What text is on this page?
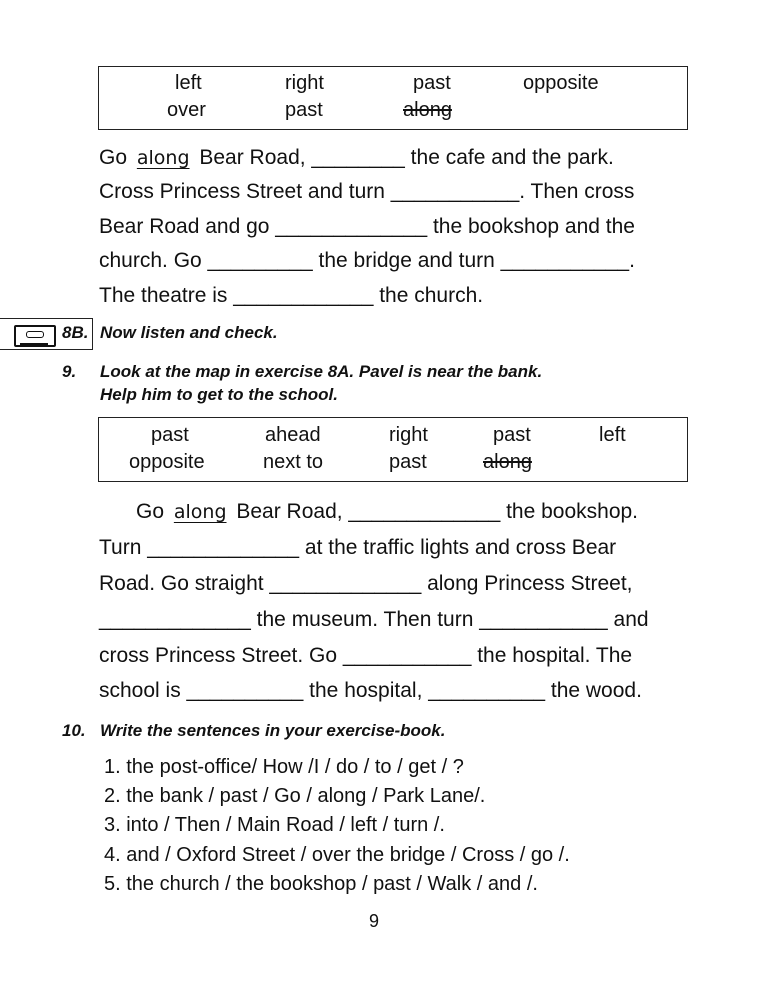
left	right	past	opposite
over	past	along
Go along Bear Road, ________ the cafe and the park.
Cross Princess Street and turn ___________. Then cross
Bear Road and go _____________ the bookshop and the
church. Go _________ the bridge and turn ___________.
The theatre is ____________ the church.
8B. Now listen and check.
9. Look at the map in exercise 8A. Pavel is near the bank.
Help him to get to the school.
past	ahead	right	past	left
opposite	next to	past	along
Go along Bear Road, _____________ the bookshop.
Turn _____________ at the traffic lights and cross Bear
Road. Go straight _____________ along Princess Street,
_____________ the museum. Then turn ___________ and
cross Princess Street. Go ___________ the hospital. The
school is __________ the hospital, __________ the wood.
10. Write the sentences in your exercise-book.
1. the post-office/ How /I / do / to / get / ?
2. the bank / past / Go / along / Park Lane/.
3. into / Then / Main Road / left / turn /.
4. and / Oxford Street / over the bridge / Cross / go /.
5. the church / the bookshop / past / Walk / and /.
9
